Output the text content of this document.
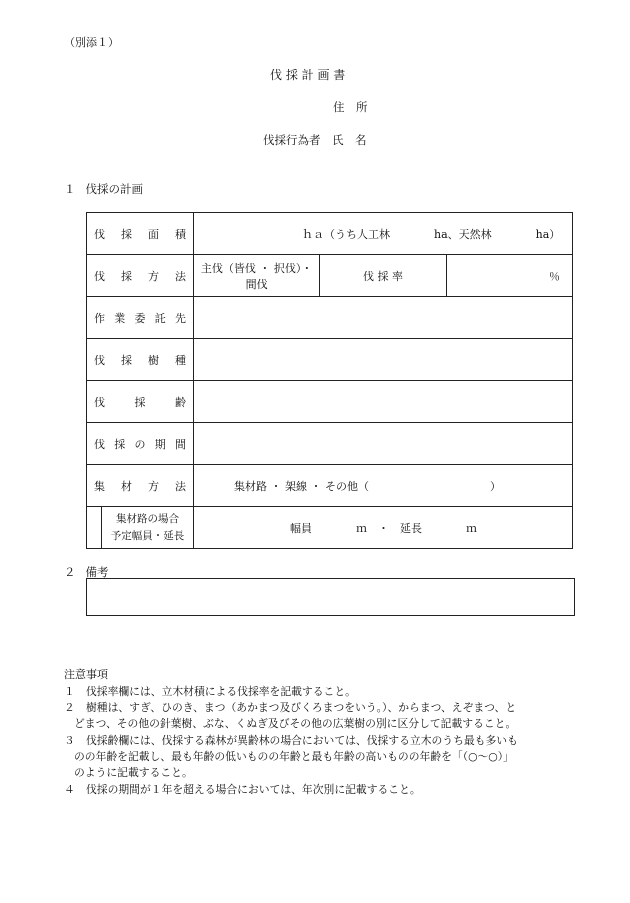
（別添１）
伐 採 計 画 書
住　所
伐採行為者　氏　名
１ 伐採の計画
伐 採 面 積	ｈａ（うち人工林　　　　ha、天然林　　　　ha）		

伐 採 方 法	主伐（皆伐 ・ 択伐）・ 間伐	伐 採 率	％

作 業 委 託 先			

伐 採 樹 種			

伐 採 齢			

伐 採 の 期 間			

集 材 方 法	集材路 ・ 架線 ・ その他（　　　　　　　　　　　）		

集材路の場合
予定幅員・延長	幅員　　　　ｍ　・　延長　　　　ｍ		
２ 備考
注意事項
１ 伐採率欄には、立木材積による伐採率を記載すること。
２ 樹種は、すぎ、ひのき、まつ（あかまつ及びくろまつをいう。）、からまつ、えぞまつ、と
どまつ、その他の針葉樹、ぶな、くぬぎ及びその他の広葉樹の別に区分して記載すること。
３ 伐採齢欄には、伐採する森林が異齢林の場合においては、伐採する立木のうち最も多いも
のの年齢を記載し、最も年齢の低いものの年齢と最も年齢の高いものの年齢を「（○～○）」
のように記載すること。
４ 伐採の期間が１年を超える場合においては、年次別に記載すること。
